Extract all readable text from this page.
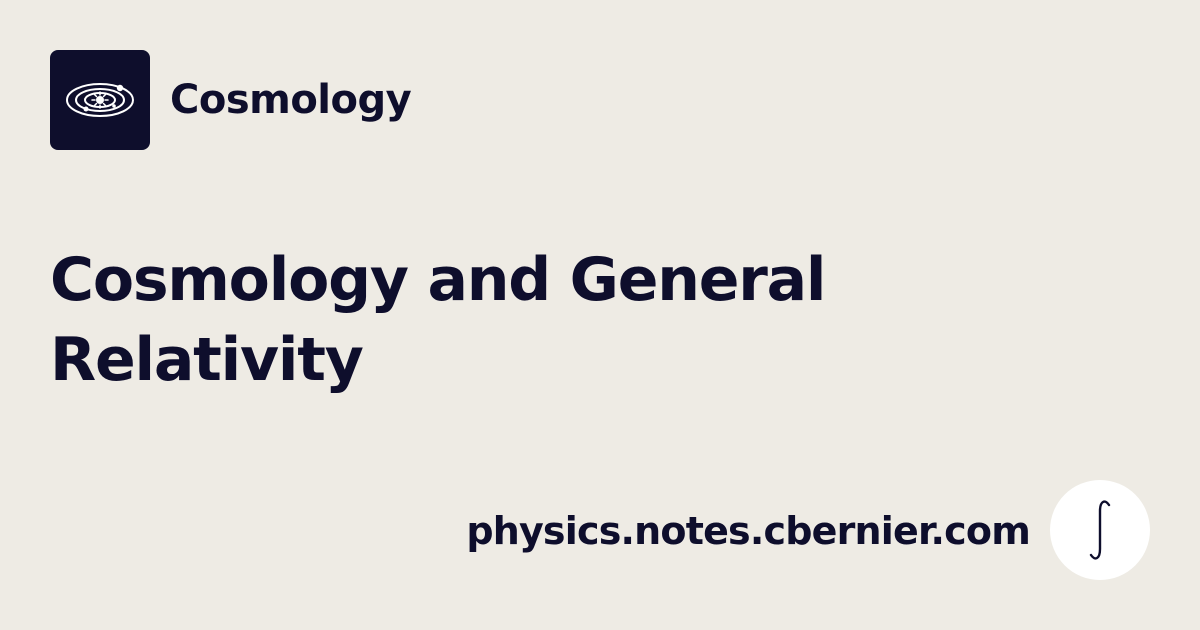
Cosmology
Cosmology and General Relativity
physics.notes.cbernier.com
